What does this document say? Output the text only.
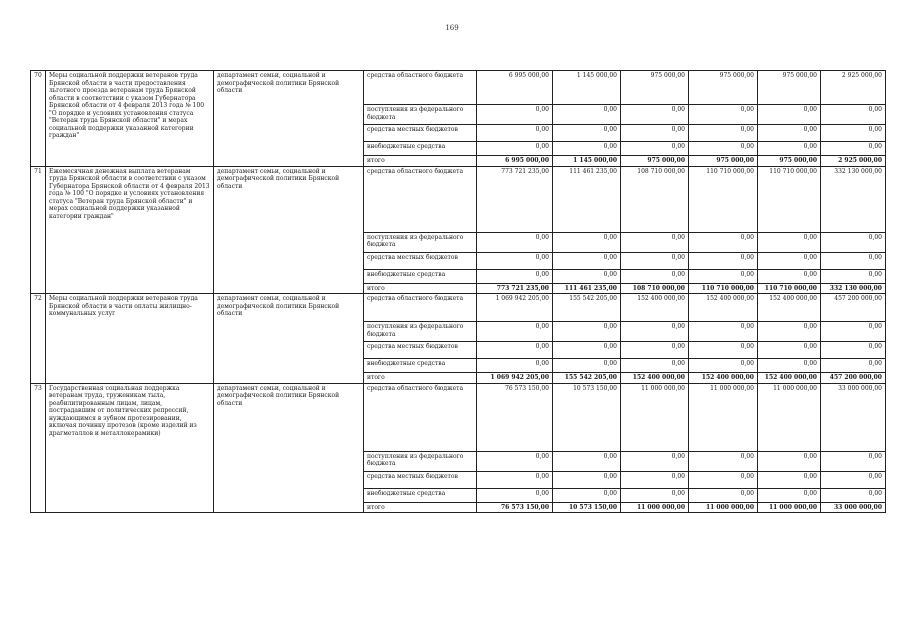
169
70	Меры социальной поддержки ветеранов труда Брянской области в части предоставления льготного проезда ветеранам труда Брянской области в соответствии с указом Губернатора Брянской области от 4 февраля 2013 года № 100 "О порядке и условиях установления статуса "Ветеран труда Брянской области" и мерах социальной поддержки указанной категории граждан"	департамент семьи, социальной и демографической политики Брянской области	средства областного бюджета	6 995 000,00	1 145 000,00	975 000,00	975 000,00	975 000,00	2 925 000,00
			поступления из федерального бюджета	0,00	0,00	0,00	0,00	0,00	0,00
			средства местных бюджетов	0,00	0,00	0,00	0,00	0,00	0,00
			внебюджетные средства	0,00	0,00	0,00	0,00	0,00	0,00
			итого	6 995 000,00	1 145 000,00	975 000,00	975 000,00	975 000,00	2 925 000,00
71	Ежемесячная денежная выплата ветеранам труда Брянской области в соответствии с указом Губернатора Брянской области от 4 февраля 2013 года № 100 "О порядке и условиях установления статуса "Ветеран труда Брянской области" и мерах социальной поддержки указанной категории граждан"	департамент семьи, социальной и демографической политики Брянской области	средства областного бюджета	773 721 235,00	111 461 235,00	108 710 000,00	110 710 000,00	110 710 000,00	332 130 000,00
			поступления из федерального бюджета	0,00	0,00	0,00	0,00	0,00	0,00
			средства местных бюджетов	0,00	0,00	0,00	0,00	0,00	0,00
			внебюджетные средства	0,00	0,00	0,00	0,00	0,00	0,00
			итого	773 721 235,00	111 461 235,00	108 710 000,00	110 710 000,00	110 710 000,00	332 130 000,00
72	Меры социальной поддержки ветеранов труда Брянской области в части оплаты жилищно-коммунальных услуг	департамент семьи, социальной и демографической политики Брянской области	средства областного бюджета	1 069 942 205,00	155 542 205,00	152 400 000,00	152 400 000,00	152 400 000,00	457 200 000,00
			поступления из федерального бюджета	0,00	0,00	0,00	0,00	0,00	0,00
			средства местных бюджетов	0,00	0,00	0,00	0,00	0,00	0,00
			внебюджетные средства	0,00	0,00	0,00	0,00	0,00	0,00
			итого	1 069 942 205,00	155 542 205,00	152 400 000,00	152 400 000,00	152 400 000,00	457 200 000,00
73	Государственная социальная поддержка ветеранам труда, труженикам тыла, реабилитированным лицам, лицам, пострадавшим от политических репрессий, нуждающимся в зубном протезировании, включая починку протезов (кроме изделий из драгметаллов и металлокерамики)	департамент семьи, социальной и демографической политики Брянской области	средства областного бюджета	76 573 150,00	10 573 150,00	11 000 000,00	11 000 000,00	11 000 000,00	33 000 000,00
			поступления из федерального бюджета	0,00	0,00	0,00	0,00	0,00	0,00
			средства местных бюджетов	0,00	0,00	0,00	0,00	0,00	0,00
			внебюджетные средства	0,00	0,00	0,00	0,00	0,00	0,00
			итого	76 573 150,00	10 573 150,00	11 000 000,00	11 000 000,00	11 000 000,00	33 000 000,00
